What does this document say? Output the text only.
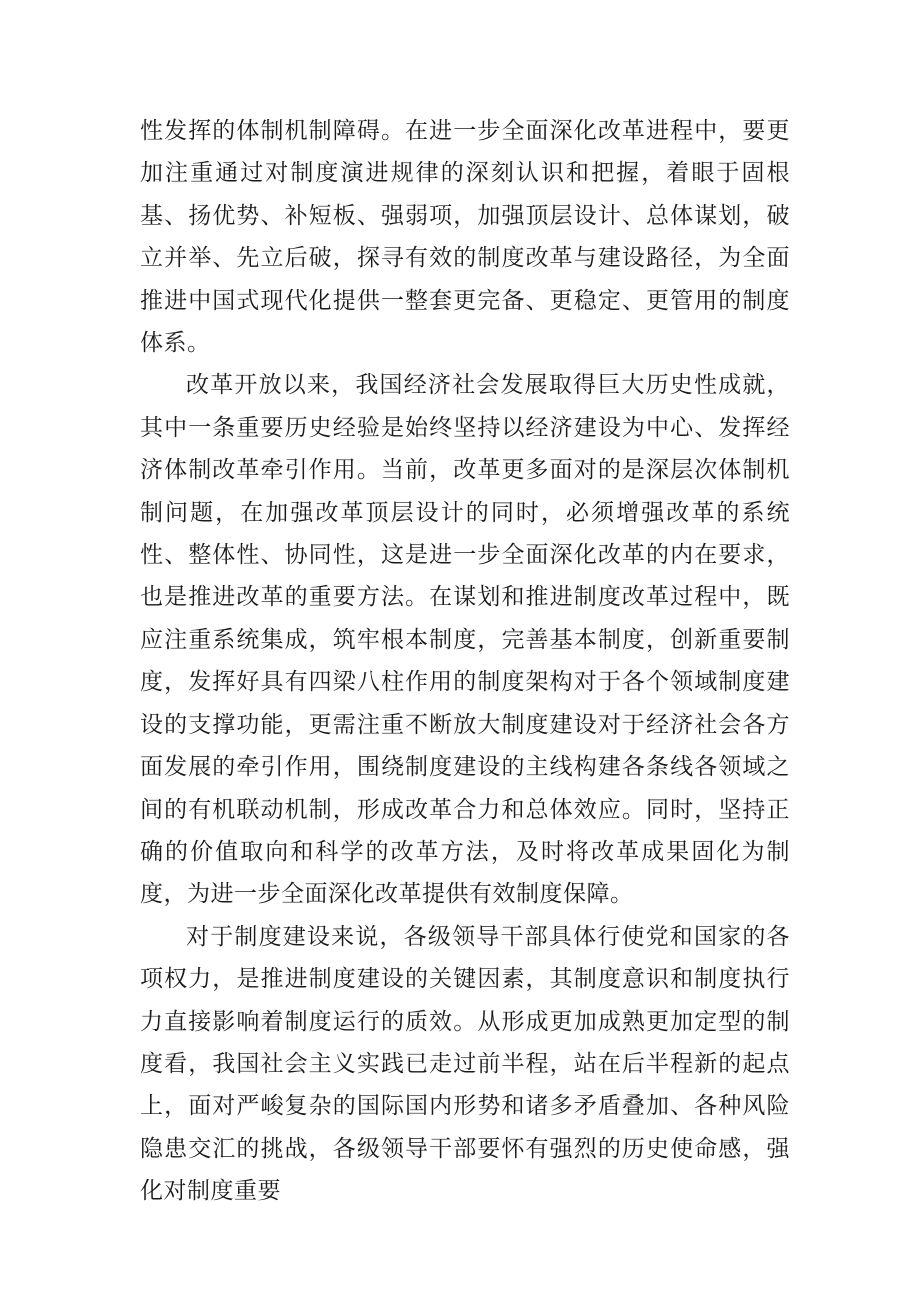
性发挥的体制机制障碍。在进一步全面深化改革进程中，要更加注重通过对制度演进规律的深刻认识和把握，着眼于固根基、扬优势、补短板、强弱项，加强顶层设计、总体谋划，破立并举、先立后破，探寻有效的制度改革与建设路径，为全面推进中国式现代化提供一整套更完备、更稳定、更管用的制度体系。

改革开放以来，我国经济社会发展取得巨大历史性成就，其中一条重要历史经验是始终坚持以经济建设为中心、发挥经济体制改革牵引作用。当前，改革更多面对的是深层次体制机制问题，在加强改革顶层设计的同时，必须增强改革的系统性、整体性、协同性，这是进一步全面深化改革的内在要求，也是推进改革的重要方法。在谋划和推进制度改革过程中，既应注重系统集成，筑牢根本制度，完善基本制度，创新重要制度，发挥好具有四梁八柱作用的制度架构对于各个领域制度建设的支撑功能，更需注重不断放大制度建设对于经济社会各方面发展的牵引作用，围绕制度建设的主线构建各条线各领域之间的有机联动机制，形成改革合力和总体效应。同时，坚持正确的价值取向和科学的改革方法，及时将改革成果固化为制度，为进一步全面深化改革提供有效制度保障。

对于制度建设来说，各级领导干部具体行使党和国家的各项权力，是推进制度建设的关键因素，其制度意识和制度执行力直接影响着制度运行的质效。从形成更加成熟更加定型的制度看，我国社会主义实践已走过前半程，站在后半程新的起点上，面对严峻复杂的国际国内形势和诸多矛盾叠加、各种风险隐患交汇的挑战，各级领导干部要怀有强烈的历史使命感，强化对制度重要
